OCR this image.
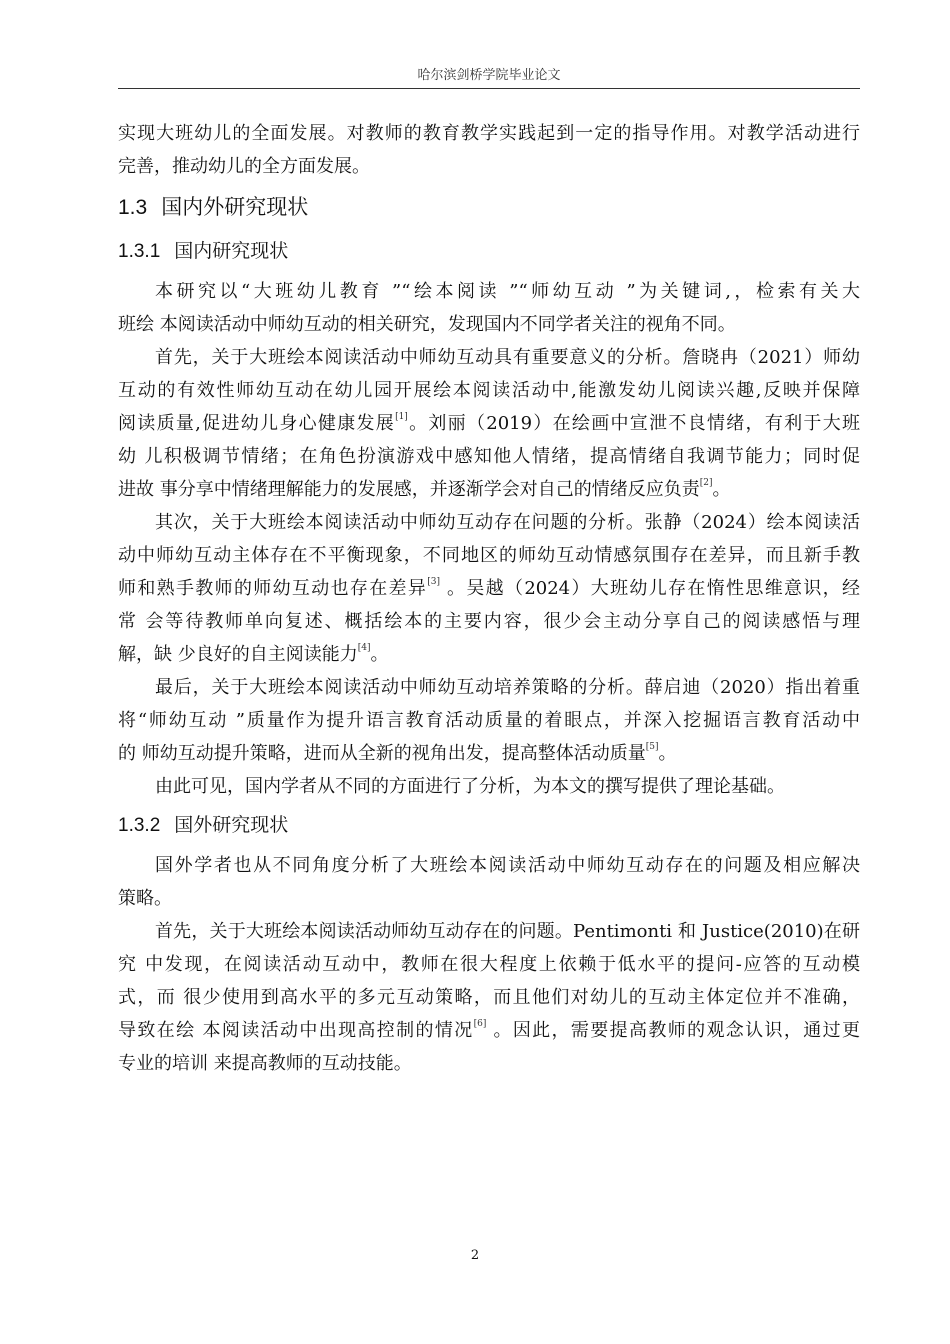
哈尔滨剑桥学院毕业论文
实现大班幼儿的全面发展。对教师的教育教学实践起到一定的指导作用。对教学活动进行
完善，推动幼儿的全方面发展。
1.3 国内外研究现状
1.3.1 国内研究现状
本研究以“大班幼儿教育 ”“绘本阅读 ”“师幼互动 ”为关键词,，检索有关大
班绘 本阅读活动中师幼互动的相关研究，发现国内不同学者关注的视角不同。
首先，关于大班绘本阅读活动中师幼互动具有重要意义的分析。詹晓冉（2021）师幼
互动的有效性师幼互动在幼儿园开展绘本阅读活动中,能激发幼儿阅读兴趣,反映并保障
阅读质量,促进幼儿身心健康发展[1]。刘丽（2019）在绘画中宣泄不良情绪，有利于大班
幼 儿积极调节情绪；在角色扮演游戏中感知他人情绪，提高情绪自我调节能力；同时促
进故 事分享中情绪理解能力的发展感，并逐渐学会对自己的情绪反应负责[2]。
其次，关于大班绘本阅读活动中师幼互动存在问题的分析。张静（2024）绘本阅读活
动中师幼互动主体存在不平衡现象，不同地区的师幼互动情感氛围存在差异，而且新手教
师和熟手教师的师幼互动也存在差异[3] 。吴越（2024）大班幼儿存在惰性思维意识，经
常 会等待教师单向复述、概括绘本的主要内容，很少会主动分享自己的阅读感悟与理
解，缺 少良好的自主阅读能力[4]。
最后，关于大班绘本阅读活动中师幼互动培养策略的分析。薛启迪（2020）指出着重
将“师幼互动 ”质量作为提升语言教育活动质量的着眼点，并深入挖掘语言教育活动中
的 师幼互动提升策略，进而从全新的视角出发，提高整体活动质量[5]。
由此可见，国内学者从不同的方面进行了分析，为本文的撰写提供了理论基础。
1.3.2 国外研究现状
国外学者也从不同角度分析了大班绘本阅读活动中师幼互动存在的问题及相应解决
策略。
首先，关于大班绘本阅读活动师幼互动存在的问题。Pentimonti 和 Justice(2010)在研
究 中发现，在阅读活动互动中，教师在很大程度上依赖于低水平的提问-应答的互动模
式，而 很少使用到高水平的多元互动策略，而且他们对幼儿的互动主体定位并不准确，
导致在绘 本阅读活动中出现高控制的情况[6] 。因此，需要提高教师的观念认识，通过更
专业的培训 来提高教师的互动技能。
2
